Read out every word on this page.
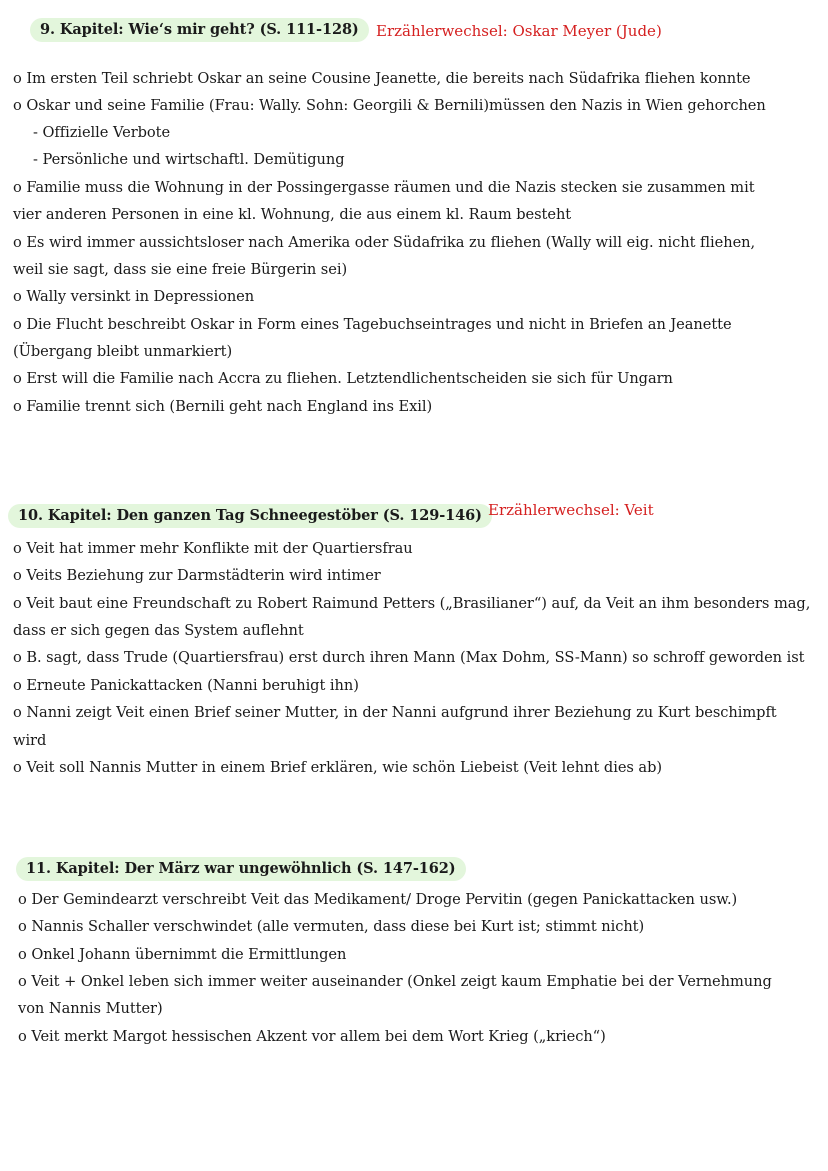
9. Kapitel: Wie‘s mir geht? (S. 111-128)	Erzählerwechsel: Oskar Meyer (Jude)
o Im ersten Teil schriebt Oskar an seine Cousine Jeanette, die bereits nach Südafrika fliehen konnte
o Oskar und seine Familie (Frau: Wally. Sohn: Georgili & Bernili)müssen den Nazis in Wien gehorchen
- Offizielle Verbote
- Persönliche und wirtschaftl. Demütigung
o Familie muss die Wohnung in der Possingergasse räumen und die Nazis stecken sie zusammen mit
vier anderen Personen in eine kl. Wohnung, die aus einem kl. Raum besteht
o Es wird immer aussichtsloser nach Amerika oder Südafrika zu fliehen (Wally will eig. nicht fliehen,
weil sie sagt, dass sie eine freie Bürgerin sei)
o Wally versinkt in Depressionen
o Die Flucht beschreibt Oskar in Form eines Tagebuchseintrages und nicht in Briefen an Jeanette
(Übergang bleibt unmarkiert)
o Erst will die Familie nach Accra zu fliehen. Letztendlichentscheiden sie sich für Ungarn
o Familie trennt sich (Bernili geht nach England ins Exil)
10. Kapitel: Den ganzen Tag Schneegestöber (S. 129-146) Erzählerwechsel: Veit
o Veit hat immer mehr Konflikte mit der Quartiersfrau
o Veits Beziehung zur Darmstädterin wird intimer
o Veit baut eine Freundschaft zu Robert Raimund Petters („Brasilianer“) auf, da Veit an ihm besonders mag,
dass er sich gegen das System auflehnt
o B. sagt, dass Trude (Quartiersfrau) erst durch ihren Mann (Max Dohm, SS-Mann) so schroff geworden ist
o Erneute Panickattacken (Nanni beruhigt ihn)
o Nanni zeigt Veit einen Brief seiner Mutter, in der Nanni aufgrund ihrer Beziehung zu Kurt beschimpft
wird
o Veit soll Nannis Mutter in einem Brief erklären, wie schön Liebeist (Veit lehnt dies ab)
11. Kapitel: Der März war ungewöhnlich (S. 147-162)
o Der Gemindearzt verschreibt Veit das Medikament/ Droge Pervitin (gegen Panickattacken usw.)
o Nannis Schaller verschwindet (alle vermuten, dass diese bei Kurt ist; stimmt nicht)
o Onkel Johann übernimmt die Ermittlungen
o Veit + Onkel leben sich immer weiter auseinander (Onkel zeigt kaum Emphatie bei der Vernehmung
von Nannis Mutter)
o Veit merkt Margot hessischen Akzent vor allem bei dem Wort Krieg („kriech“)
